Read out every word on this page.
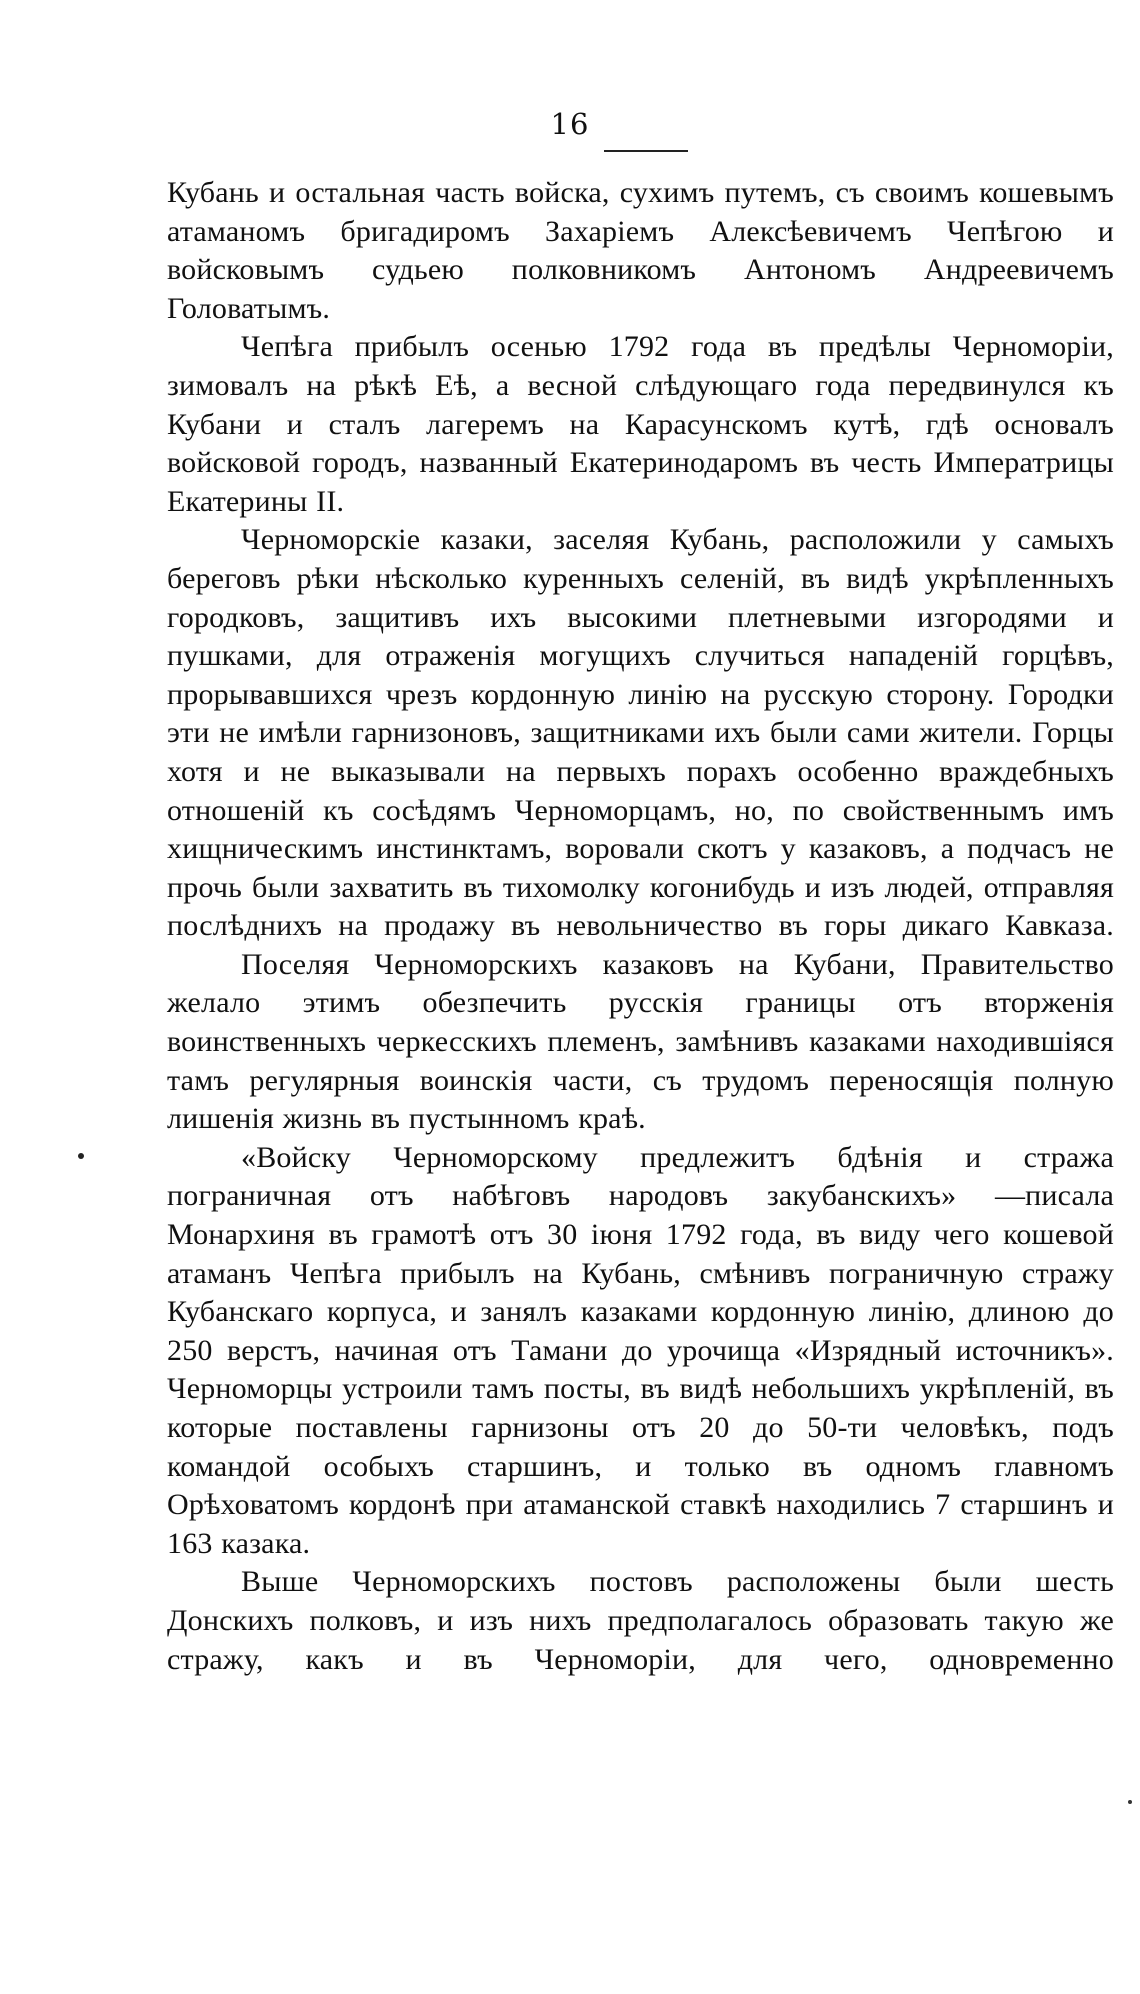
16

Кубань и остальная часть войска, сухимъ путемъ, съ своимъ кошевымъ атаманомъ бригадиромъ Захаріемъ Алексѣевичемъ Чепѣгою и войсковымъ судьею полковникомъ Антономъ Андреевичемъ Головатымъ.

Чепѣга прибылъ осенью 1792 года въ предѣлы Черноморіи, зимовалъ на рѣкѣ Еѣ, а весной слѣдующаго года передвинулся къ Кубани и сталъ лагеремъ на Карасунскомъ кутѣ, гдѣ основалъ войсковой городъ, названный Екатеринодаромъ въ честь Императрицы Екатерины II.

Черноморскіе казаки, заселяя Кубань, расположили у самыхъ береговъ рѣки нѣсколько куренныхъ селеній, въ видѣ укрѣпленныхъ городковъ, защитивъ ихъ высокими плетневыми изгородями и пушками, для отраженія могущихъ случиться нападеній горцѣвъ, прорывавшихся чрезъ кордонную линію на русскую сторону. Городки эти не имѣли гарнизоновъ, защитниками ихъ были сами жители. Горцы хотя и не выказывали на первыхъ порахъ особенно враждебныхъ отношеній къ сосѣдямъ Черноморцамъ, но, по свойственнымъ имъ хищническимъ инстинктамъ, воровали скотъ у казаковъ, а подчасъ не прочь были захватить въ тихомолку когонибудь и изъ людей, отправляя послѣднихъ на продажу въ невольничество въ горы дикаго Кавказа.

Поселяя Черноморскихъ казаковъ на Кубани, Правительство желало этимъ обезпечить русскія границы отъ вторженія воинственныхъ черкесскихъ племенъ, замѣнивъ казаками находившіяся тамъ регулярныя воинскія части, съ трудомъ переносящія полную лишенія жизнь въ пустынномъ краѣ.

«Войску Черноморскому предлежитъ бдѣнія и стража пограничная отъ набѣговъ народовъ закубанскихъ» —писала Монархиня въ грамотѣ отъ 30 іюня 1792 года, въ виду чего кошевой атаманъ Чепѣга прибылъ на Кубань, смѣнивъ пограничную стражу Кубанскаго корпуса, и занялъ казаками кордонную линію, длиною до 250 верстъ, начиная отъ Тамани до урочища «Изрядный источникъ». Черноморцы устроили тамъ посты, въ видѣ небольшихъ укрѣпленій, въ которые поставлены гарнизоны отъ 20 до 50-ти человѣкъ, подъ командой особыхъ старшинъ, и только въ одномъ главномъ Орѣховатомъ кордонѣ при атаманской ставкѣ находились 7 старшинъ и 163 казака.

Выше Черноморскихъ постовъ расположены были шесть Донскихъ полковъ, и изъ нихъ предполагалось образовать такую же стражу, какъ и въ Черноморіи, для чего, одновременно
